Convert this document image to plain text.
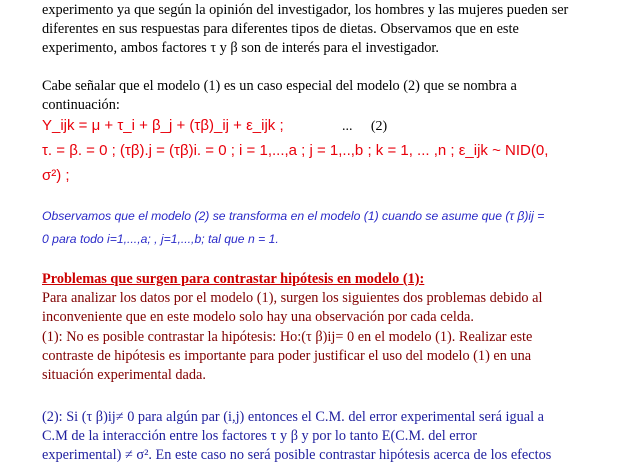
experimento ya que según la opinión del investigador, los hombres y las mujeres pueden ser
diferentes en sus respuestas para diferentes tipos de dietas. Observamos que en este
experimento, ambos factores τ y β son de interés para el investigador.
Cabe señalar que el modelo (1) es un caso especial del modelo (2) que se nombra a
continuación:
Y_ijk = μ + τ_i + β_j + (τβ)_ij + ε_ijk ;	... (2)
τ. = β. = 0 ; (τβ).j = (τβ)i. = 0 ; i = 1,...,a ; j = 1,..,b ; k = 1, ... ,n ; ε_ijk ~ NID(0,
σ²) ;
Observamos que el modelo (2) se transforma en el modelo (1) cuando se asume que (τ β)ij =
0 para todo i=1,...,a; , j=1,...,b; tal que n = 1.
Problemas que surgen para contrastar hipótesis en modelo (1):
Para analizar los datos por el modelo (1), surgen los siguientes dos problemas debido al
inconveniente que en este modelo solo hay una observación por cada celda.
(1): No es posible contrastar la hipótesis: Ho:(τ β)ij= 0 en el modelo (1). Realizar este
contraste de hipótesis es importante para poder justificar el uso del modelo (1) en una
situación experimental dada.
(2): Si (τ β)ij≠ 0 para algún par (i,j) entonces el C.M. del error experimental será igual a
C.M de la interacción entre los factores τ y β y por lo tanto E(C.M. del error
experimental) ≠ σ². En este caso no será posible contrastar hipótesis acerca de los efectos
